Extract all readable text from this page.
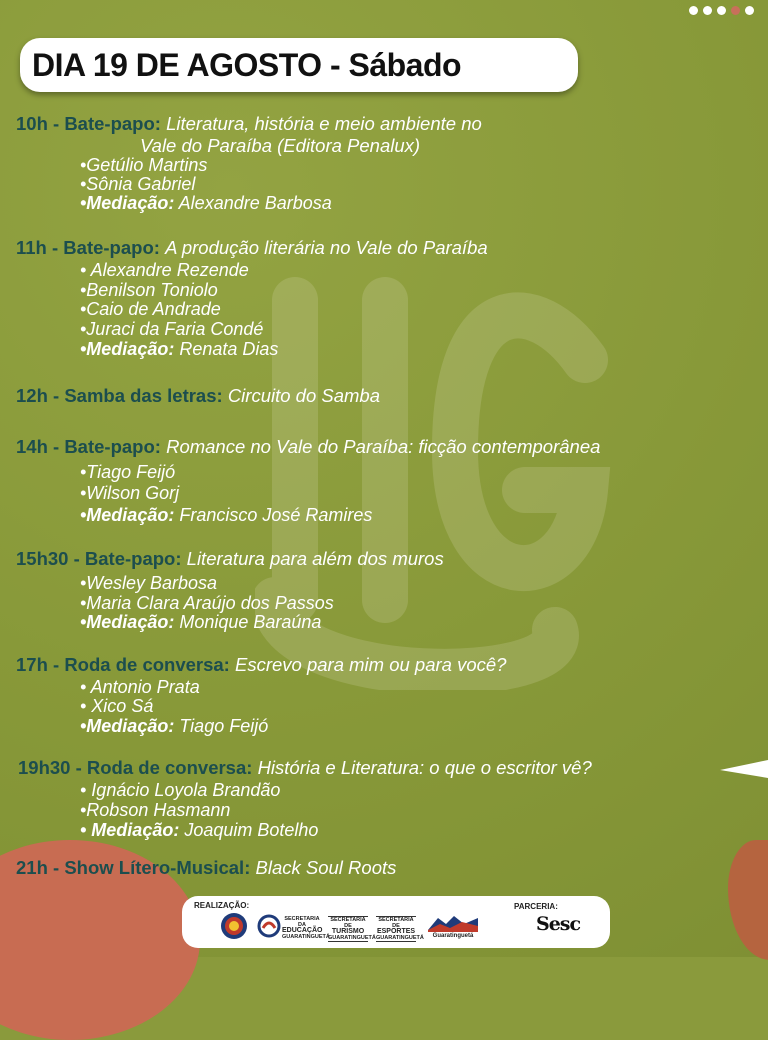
DIA 19 DE AGOSTO - Sábado
10h - Bate-papo: Literatura, história e meio ambiente no
Vale do Paraíba (Editora Penalux)
•Getúlio Martins
•Sônia Gabriel
•Mediação: Alexandre Barbosa
11h - Bate-papo: A produção literária no Vale do Paraíba
• Alexandre Rezende
•Benilson Toniolo
•Caio de Andrade
•Juraci da Faria Condé
•Mediação: Renata Dias
12h - Samba das letras: Circuito do Samba
14h - Bate-papo: Romance no Vale do Paraíba: ficção contemporânea
•Tiago Feijó
•Wilson Gorj
•Mediação: Francisco José Ramires
15h30 - Bate-papo: Literatura para além dos muros
•Wesley Barbosa
•Maria Clara Araújo dos Passos
•Mediação: Monique Baraúna
17h - Roda de conversa: Escrevo para mim ou para você?
• Antonio Prata
• Xico Sá
•Mediação: Tiago Feijó
19h30 - Roda de conversa: História e Literatura: o que o escritor vê?
• Ignácio Loyola Brandão
•Robson Hasmann
• Mediação: Joaquim Botelho
21h - Show Lítero-Musical: Black Soul Roots
REALIZAÇÃO:	PARCERIA:
SECRETARIA DA
EDUCAÇÃO
GUARATINGUETÁ
SECRETARIA DE
TURISMO
GUARATINGUETÁ
SECRETARIA DE
ESPORTES
GUARATINGUETÁ	Guaratinguetá
Sesc
